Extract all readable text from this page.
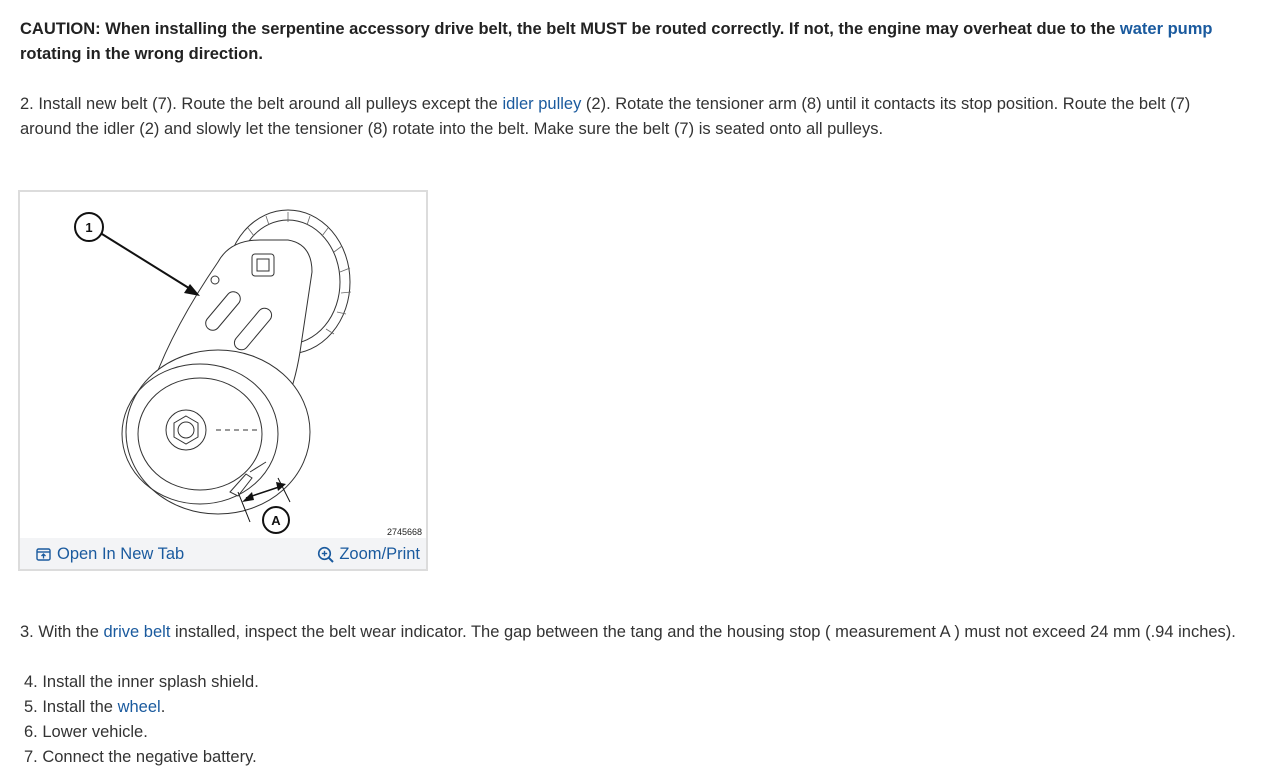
CAUTION: When installing the serpentine accessory drive belt, the belt MUST be routed correctly. If not, the engine may overheat due to the water pump rotating in the wrong direction.
2. Install new belt (7). Route the belt around all pulleys except the idler pulley (2). Rotate the tensioner arm (8) until it contacts its stop position. Route the belt (7) around the idler (2) and slowly let the tensioner (8) rotate into the belt. Make sure the belt (7) is seated onto all pulleys.
1
A
2745668
Open In New Tab	Zoom/Print
3. With the drive belt installed, inspect the belt wear indicator. The gap between the tang and the housing stop ( measurement A ) must not exceed 24 mm (.94 inches).
4. Install the inner splash shield.
5. Install the wheel.
6. Lower vehicle.
7. Connect the negative battery.
